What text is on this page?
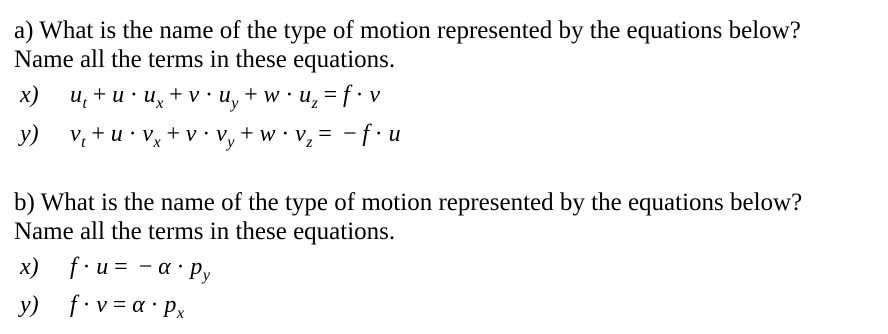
a) What is the name of the type of motion represented by the equations below?
Name all the terms in these equations.
x) $u_t + u \cdot u_x + v \cdot u_y + w \cdot u_z = f \cdot v$
y) $v_t + u \cdot v_x + v \cdot v_y + w \cdot v_z$ =  − f · u
b) What is the name of the type of motion represented by the equations below?
Name all the terms in these equations.
x) f · u =  − $\alpha \cdot p_y$
y) $f \cdot v = \alpha \cdot p_x$
